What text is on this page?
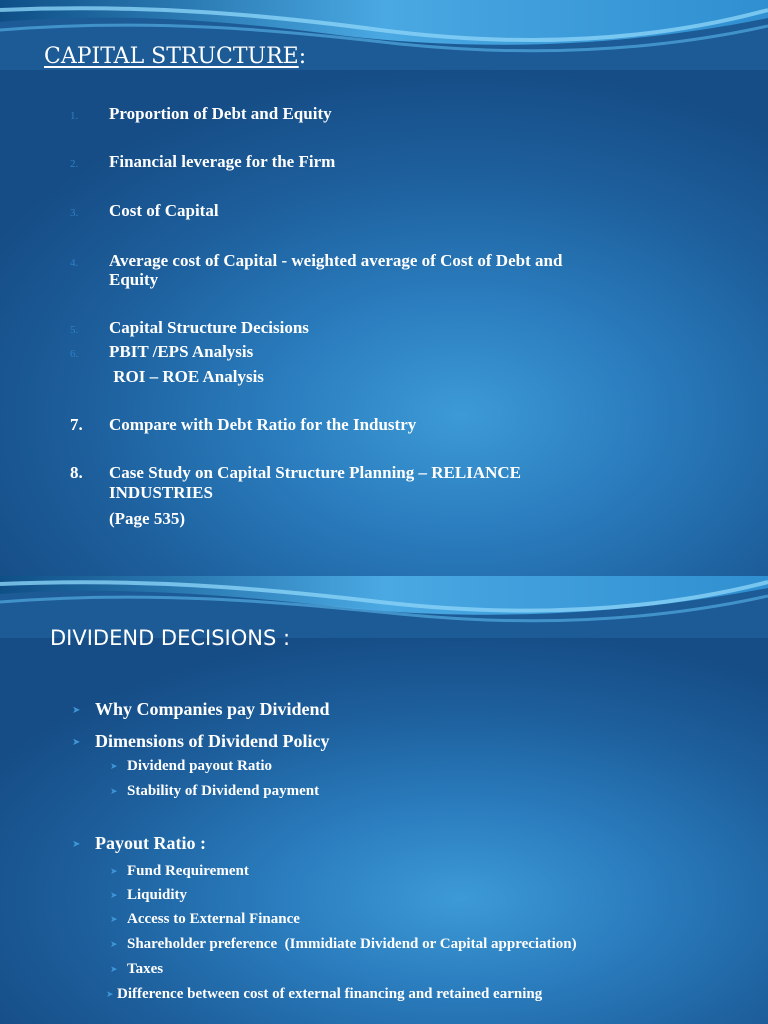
CAPITAL STRUCTURE:
1. Proportion of Debt and Equity
2. Financial leverage for the Firm
3. Cost of Capital
4. Average cost of Capital - weighted average of Cost of Debt and
Equity
5. Capital Structure Decisions
6. PBIT /EPS Analysis
ROI – ROE Analysis
7. Compare with Debt Ratio for the Industry
8. Case Study on Capital Structure Planning – RELIANCE
INDUSTRIES
(Page 535)
DIVIDEND DECISIONS :
➤ Why Companies pay Dividend
➤ Dimensions of Dividend Policy
➤ Dividend payout Ratio
➤ Stability of Dividend payment
➤ Payout Ratio :
➤ Fund Requirement
➤ Liquidity
➤ Access to External Finance
➤ Shareholder preference  (Immidiate Dividend or Capital appreciation)
➤ Taxes
➤ Difference between cost of external financing and retained earning
